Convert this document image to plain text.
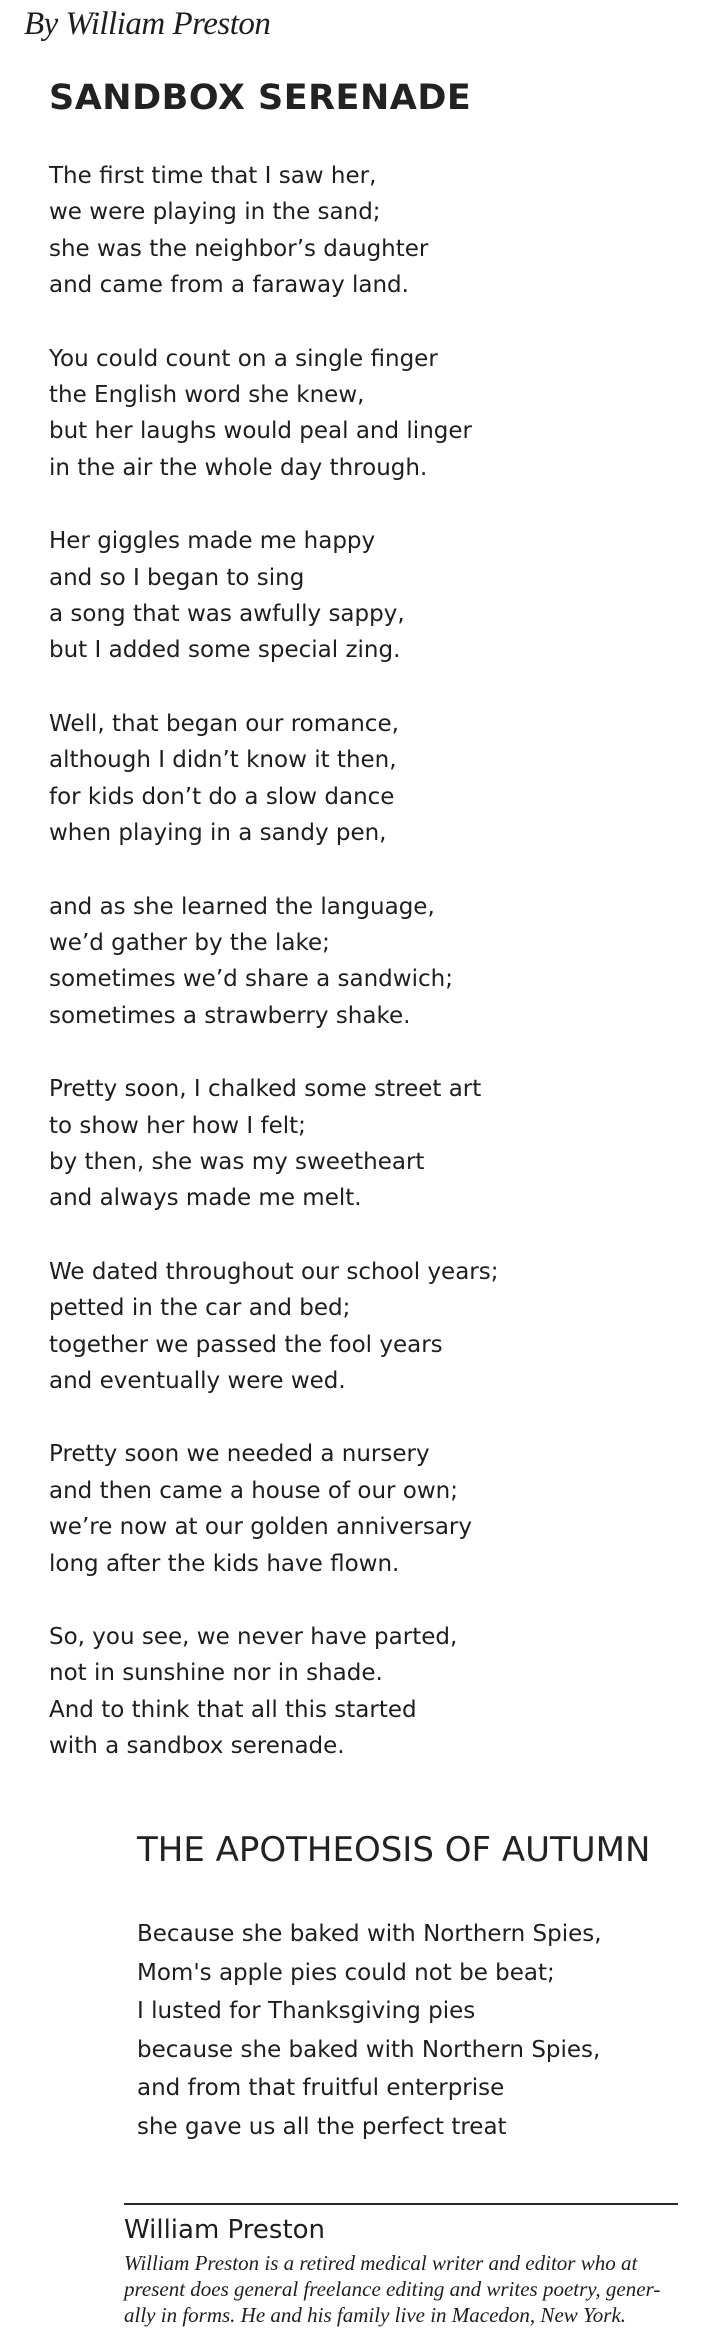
By William Preston
SANDBOX SERENADE
The first time that I saw her,
we were playing in the sand;
she was the neighbor’s daughter
and came from a faraway land.
You could count on a single finger
the English word she knew,
but her laughs would peal and linger
in the air the whole day through.
Her giggles made me happy
and so I began to sing
a song that was awfully sappy,
but I added some special zing.
Well, that began our romance,
although I didn’t know it then,
for kids don’t do a slow dance
when playing in a sandy pen,
and as she learned the language,
we’d gather by the lake;
sometimes we’d share a sandwich;
sometimes a strawberry shake.
Pretty soon, I chalked some street art
to show her how I felt;
by then, she was my sweetheart
and always made me melt.
We dated throughout our school years;
petted in the car and bed;
together we passed the fool years
and eventually were wed.
Pretty soon we needed a nursery
and then came a house of our own;
we’re now at our golden anniversary
long after the kids have flown.
So, you see, we never have parted,
not in sunshine nor in shade.
And to think that all this started
with a sandbox serenade.
THE APOTHEOSIS OF AUTUMN
Because she baked with Northern Spies,
Mom's apple pies could not be beat;
I lusted for Thanksgiving pies
because she baked with Northern Spies,
and from that fruitful enterprise
she gave us all the perfect treat
William Preston
William Preston is a retired medical writer and editor who at
present does general freelance editing and writes poetry, gener-
ally in forms. He and his family live in Macedon, New York.
